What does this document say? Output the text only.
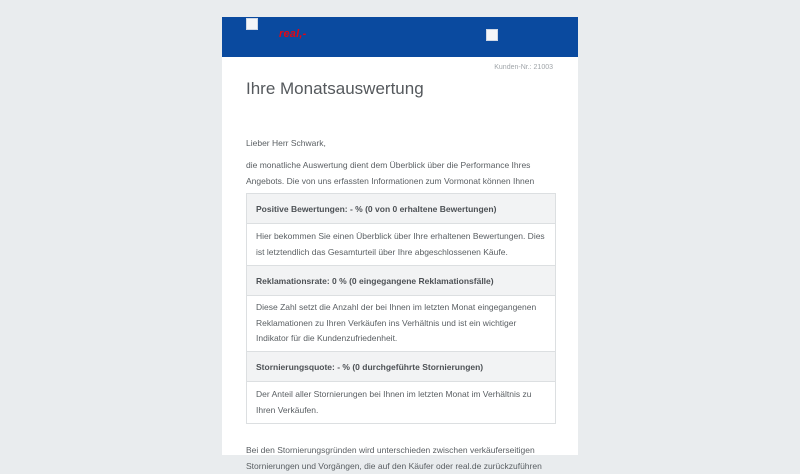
real,-
Kunden-Nr.: 21003
Ihre Monatsauswertung
Lieber Herr Schwark,

die monatliche Auswertung dient dem Überblick über die Performance Ihres Angebots. Die von uns erfassten Informationen zum Vormonat können Ihnen

Positive Bewertungen: - % (0 von 0 erhaltene Bewertungen)
Hier bekommen Sie einen Überblick über Ihre erhaltenen Bewertungen. Dies ist letztendlich das Gesamturteil über Ihre abgeschlossenen Käufe.
Reklamationsrate: 0 % (0 eingegangene Reklamationsfälle)
Diese Zahl setzt die Anzahl der bei Ihnen im letzten Monat eingegangenen Reklamationen zu Ihren Verkäufen ins Verhältnis und ist ein wichtiger Indikator für die Kundenzufriedenheit.
Stornierungsquote: - % (0 durchgeführte Stornierungen)
Der Anteil aller Stornierungen bei Ihnen im letzten Monat im Verhältnis zu Ihren Verkäufen.

Bei den Stornierungsgründen wird unterschieden zwischen verkäuferseitigen Stornierungen und Vorgängen, die auf den Käufer oder real.de zurückzuführen
